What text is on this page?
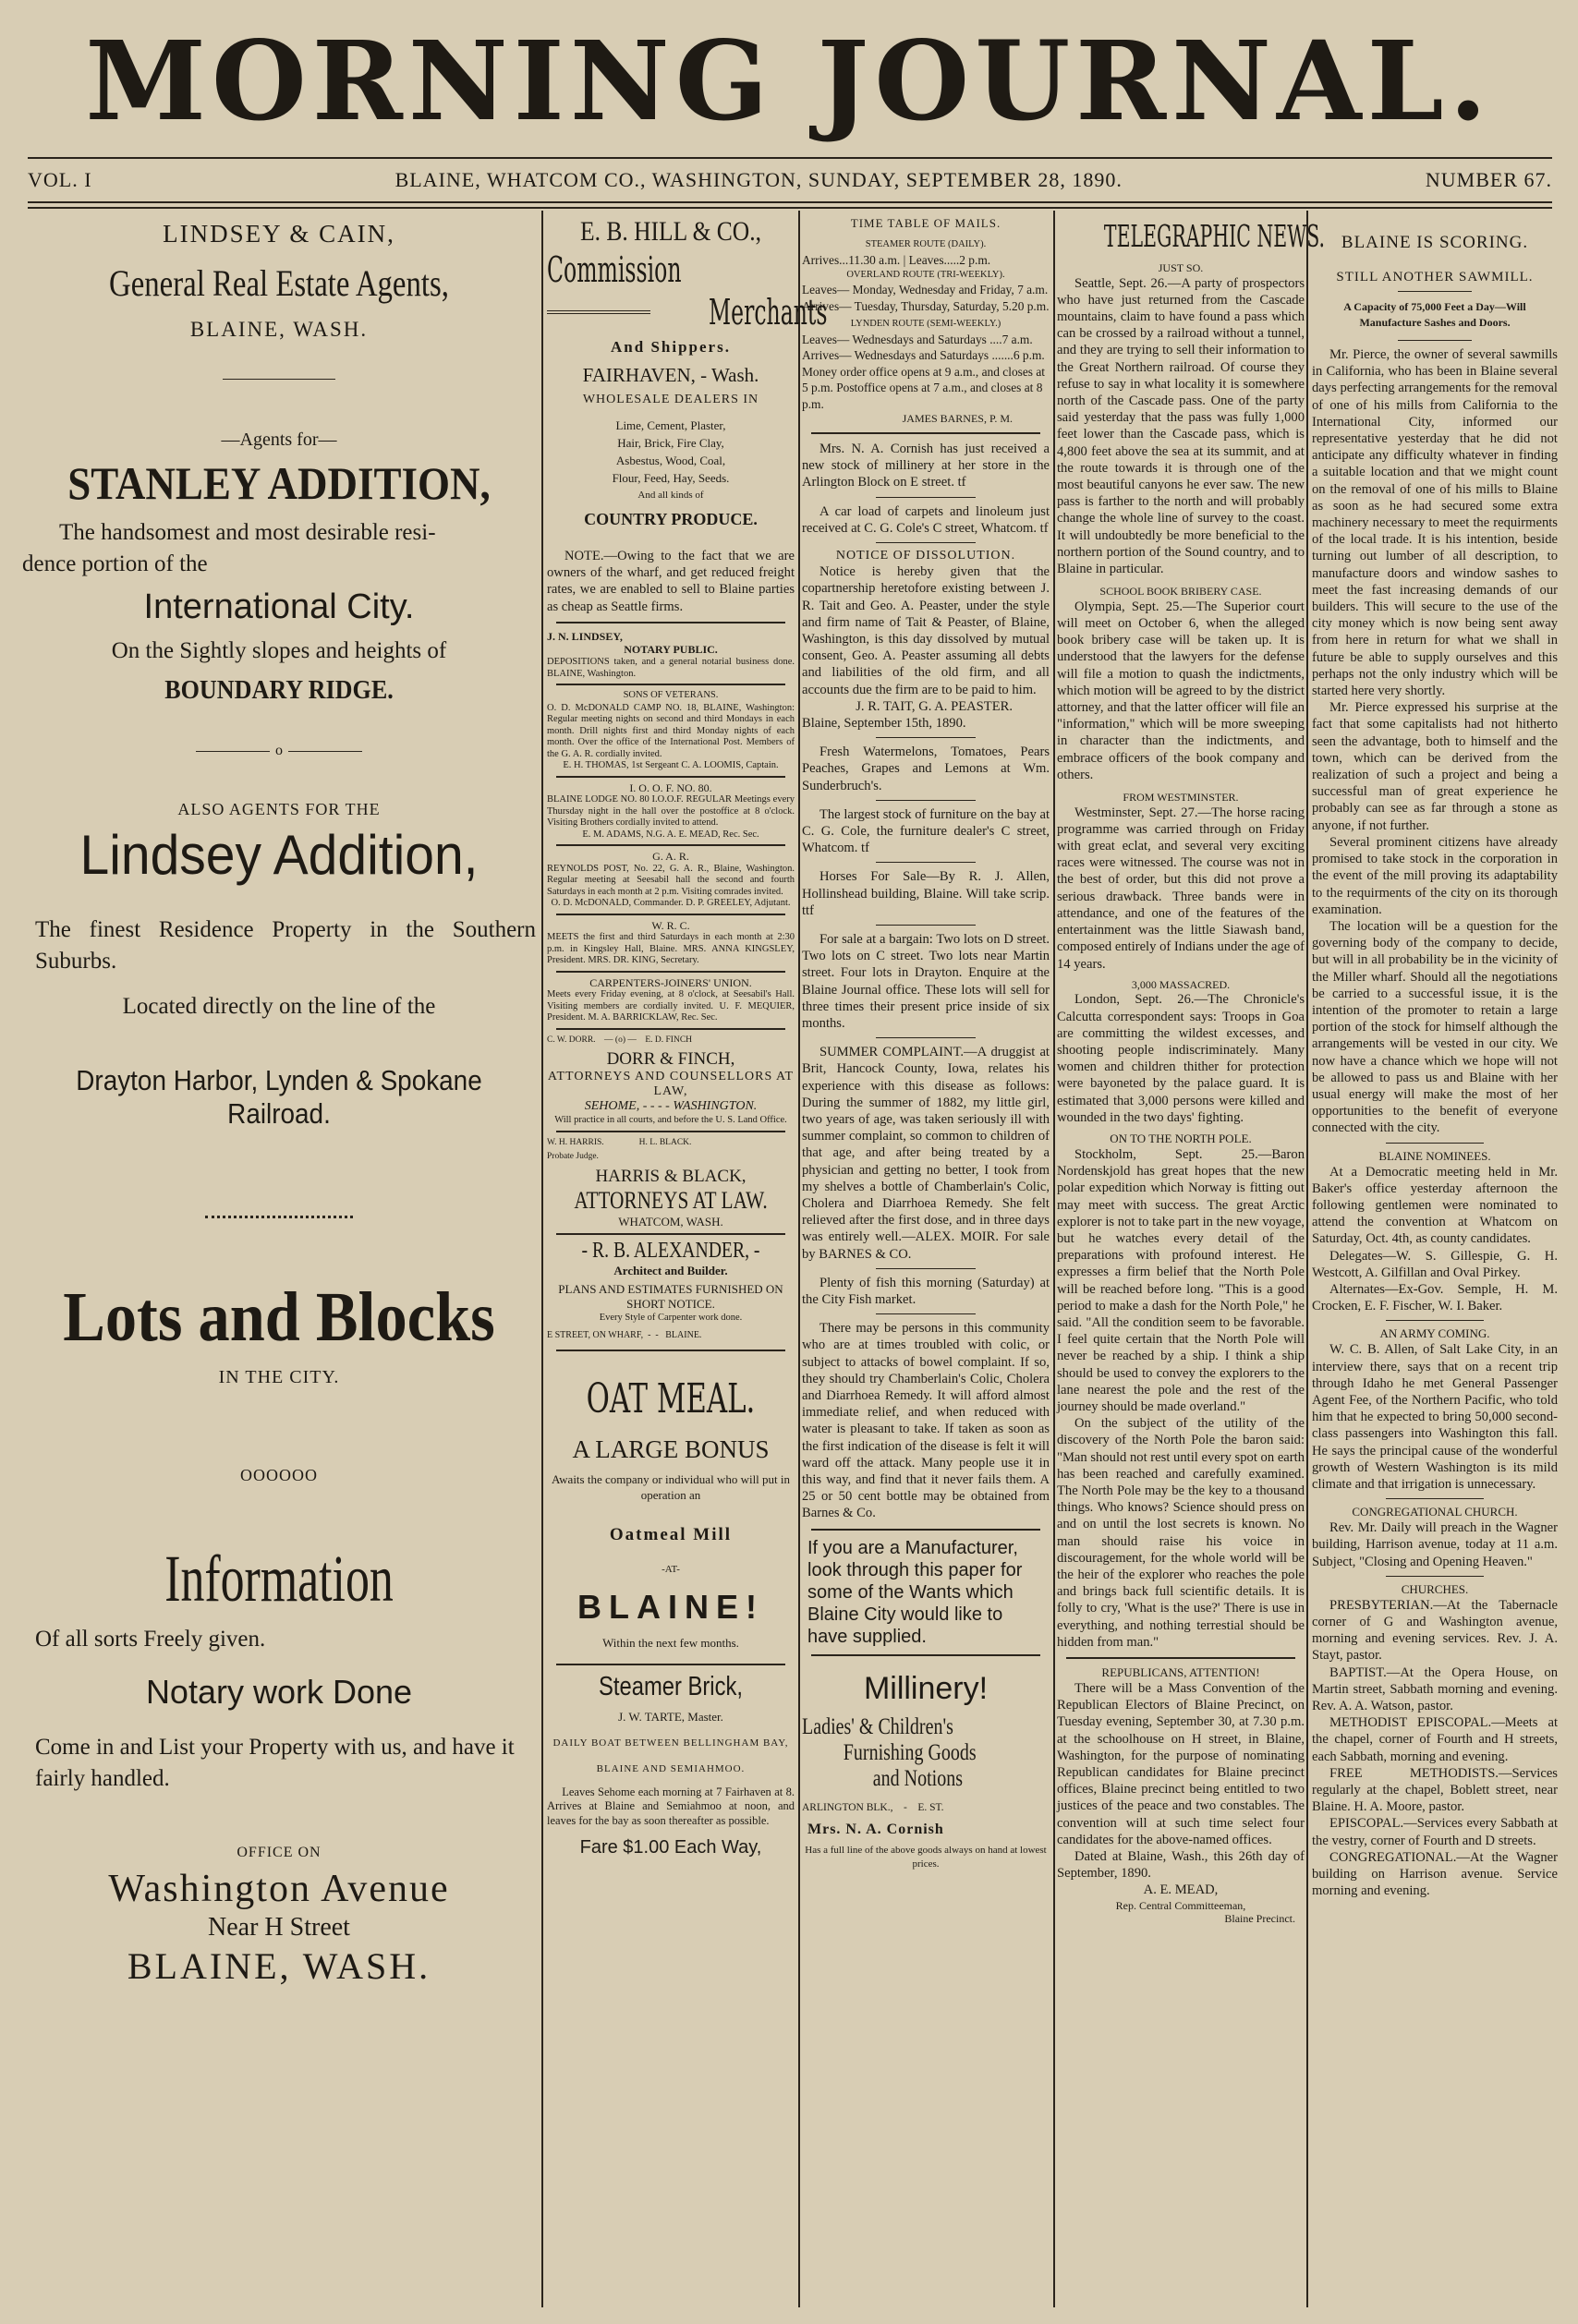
MORNING JOURNAL.
VOL. I	BLAINE, WHATCOM CO., WASHINGTON, SUNDAY, SEPTEMBER 28, 1890.	NUMBER 67.
LINDSEY & CAIN,
General Real Estate Agents,
BLAINE, WASH.
—Agents for—
STANLEY ADDITION,
The handsomest and most desirable resi-
dence portion of the
International City.
On the Sightly slopes and heights of
BOUNDARY RIDGE.
o
ALSO AGENTS FOR THE
Lindsey Addition,
The finest Residence Property in the Southern Suburbs.
Located directly on the line of the
Drayton Harbor, Lynden & Spokane
Railroad.
Lots and Blocks
IN THE CITY.
OOOOOO
Information
Of all sorts Freely given.
Notary work Done
Come in and List your Property with us, and have it fairly handled.
OFFICE ON
Washington Avenue
Near H Street
BLAINE, WASH.
E. B. HILL & CO.,
Commission
Merchants
And Shippers.
FAIRHAVEN, - Wash.
WHOLESALE DEALERS IN
Lime, Cement, Plaster,
Hair, Brick, Fire Clay,
Asbestus, Wood, Coal,
Flour, Feed, Hay, Seeds.
And all kinds of
COUNTRY PRODUCE.
NOTE.—Owing to the fact that we are owners of the wharf, and get reduced freight rates, we are enabled to sell to Blaine parties as cheap as Seattle firms.
J. N. LINDSEY,
NOTARY PUBLIC.
DEPOSITIONS taken, and a general notarial business done. BLAINE, Washington.
SONS OF VETERANS.
O. D. McDONALD CAMP NO. 18, BLAINE, Washington: Regular meeting nights on second and third Mondays in each month. Drill nights first and third Monday nights of each month. Over the office of the International Post. Members of the G. A. R. cordially invited.
E. H. THOMAS, 1st Sergeant C. A. LOOMIS, Captain.
I. O. O. F. NO. 80.
BLAINE LODGE NO. 80 I.O.O.F. REGULAR Meetings every Thursday night in the hall over the postoffice at 8 o'clock. Visiting Brothers cordially invited to attend.
E. M. ADAMS, N.G. A. E. MEAD, Rec. Sec.
G. A. R.
REYNOLDS POST, No. 22, G. A. R., Blaine, Washington. Regular meeting at Seesabil hall the second and fourth Saturdays in each month at 2 p.m. Visiting comrades invited.
O. D. McDONALD, Commander. D. P. GREELEY, Adjutant.
W. R. C.
MEETS the first and third Saturdays in each month at 2:30 p.m. in Kingsley Hall, Blaine. MRS. ANNA KINGSLEY, President. MRS. DR. KING, Secretary.
CARPENTERS-JOINERS' UNION.
Meets every Friday evening, at 8 o'clock, at Seesabil's Hall. Visiting members are cordially invited. U. F. MEQUIER, President. M. A. BARRICKLAW, Rec. Sec.
C. W. DORR.    — (o) —    E. D. FINCH
DORR & FINCH,
ATTORNEYS AND COUNSELLORS AT LAW,
SEHOME, - - - - WASHINGTON.
Will practice in all courts, and before the U. S. Land Office.
W. H. HARRIS.                H. L. BLACK.
Probate Judge.
HARRIS & BLACK,
ATTORNEYS AT LAW.
WHATCOM, WASH.
- R. B. ALEXANDER, -
Architect and Builder.
PLANS AND ESTIMATES FURNISHED ON SHORT NOTICE.
Every Style of Carpenter work done.
E STREET, ON WHARF,  -  -   BLAINE.
OAT MEAL.
A LARGE BONUS
Awaits the company or individual who will put in operation an
Oatmeal Mill
-AT-
BLAINE!
Within the next few months.
Steamer Brick,
J. W. TARTE, Master.
DAILY BOAT BETWEEN BELLINGHAM BAY, BLAINE AND SEMIAHMOO.
Leaves Sehome each morning at 7 Fairhaven at 8. Arrives at Blaine and Semiahmoo at noon, and leaves for the bay as soon thereafter as possible.
Fare $1.00 Each Way,
TIME TABLE OF MAILS.
STEAMER ROUTE (DAILY).
Arrives...11.30 a.m. | Leaves.....2 p.m.
OVERLAND ROUTE (TRI-WEEKLY).
Leaves— Monday, Wednesday and Friday, 7 a.m. Arrives— Tuesday, Thursday, Saturday, 5.20 p.m.
LYNDEN ROUTE (SEMI-WEEKLY.)
Leaves— Wednesdays and Saturdays ....7 a.m. Arrives— Wednesdays and Saturdays .......6 p.m. Money order office opens at 9 a.m., and closes at 5 p.m. Postoffice opens at 7 a.m., and closes at 8 p.m.
JAMES BARNES, P. M.
Mrs. N. A. Cornish has just received a new stock of millinery at her store in the Arlington Block on E street. tf
A car load of carpets and linoleum just received at C. G. Cole's C street, Whatcom. tf
NOTICE OF DISSOLUTION.
Notice is hereby given that the copartnership heretofore existing between J. R. Tait and Geo. A. Peaster, under the style and firm name of Tait & Peaster, of Blaine, Washington, is this day dissolved by mutual consent, Geo. A. Peaster assuming all debts and liabilities of the old firm, and all accounts due the firm are to be paid to him.
J. R. TAIT, G. A. PEASTER.
Blaine, September 15th, 1890.
Fresh Watermelons, Tomatoes, Pears Peaches, Grapes and Lemons at Wm. Sunderbruch's.
The largest stock of furniture on the bay at C. G. Cole, the furniture dealer's C street, Whatcom. tf
Horses For Sale—By R. J. Allen, Hollinshead building, Blaine. Will take scrip. ttf
For sale at a bargain: Two lots on D street. Two lots on C street. Two lots near Martin street. Four lots in Drayton. Enquire at the Blaine Journal office. These lots will sell for three times their present price inside of six months.
SUMMER COMPLAINT.—A druggist at Brit, Hancock County, Iowa, relates his experience with this disease as follows: During the summer of 1882, my little girl, two years of age, was taken seriously ill with summer complaint, so common to children of that age, and after being treated by a physician and getting no better, I took from my shelves a bottle of Chamberlain's Colic, Cholera and Diarrhoea Remedy. She felt relieved after the first dose, and in three days was entirely well.—ALEX. MOIR. For sale by BARNES & CO.
Plenty of fish this morning (Saturday) at the City Fish market.
There may be persons in this community who are at times troubled with colic, or subject to attacks of bowel complaint. If so, they should try Chamberlain's Colic, Cholera and Diarrhoea Remedy. It will afford almost immediate relief, and when reduced with water is pleasant to take. If taken as soon as the first indication of the disease is felt it will ward off the attack. Many people use it in this way, and find that it never fails them. A 25 or 50 cent bottle may be obtained from Barnes & Co.
If you are a Manufacturer, look through this paper for some of the Wants which Blaine City would like to have supplied.
Millinery!
Ladies' & Children's
Furnishing Goods
and Notions
ARLINGTON BLK.,    -    E. ST.
Mrs. N. A. Cornish
Has a full line of the above goods always on hand at lowest prices.
TELEGRAPHIC NEWS.
JUST SO.
Seattle, Sept. 26.—A party of prospectors who have just returned from the Cascade mountains, claim to have found a pass which can be crossed by a railroad without a tunnel, and they are trying to sell their information to the Great Northern railroad. Of course they refuse to say in what locality it is somewhere north of the Cascade pass. One of the party said yesterday that the pass was fully 1,000 feet lower than the Cascade pass, which is 4,800 feet above the sea at its summit, and at the route towards it is through one of the most beautiful canyons he ever saw. The new pass is farther to the north and will probably change the whole line of survey to the coast. It will undoubtedly be more beneficial to the northern portion of the Sound country, and to Blaine in particular.
SCHOOL BOOK BRIBERY CASE.
Olympia, Sept. 25.—The Superior court will meet on October 6, when the alleged book bribery case will be taken up. It is understood that the lawyers for the defense will file a motion to quash the indictments, which motion will be agreed to by the district attorney, and that the latter officer will file an "information," which will be more sweeping in character than the indictments, and embrace officers of the book company and others.
FROM WESTMINSTER.
Westminster, Sept. 27.—The horse racing programme was carried through on Friday with great eclat, and several very exciting races were witnessed. The course was not in the best of order, but this did not prove a serious drawback. Three bands were in attendance, and one of the features of the entertainment was the little Siawash band, composed entirely of Indians under the age of 14 years.
3,000 MASSACRED.
London, Sept. 26.—The Chronicle's Calcutta correspondent says: Troops in Goa are committing the wildest excesses, and shooting people indiscriminately. Many women and children thither for protection were bayoneted by the palace guard. It is estimated that 3,000 persons were killed and wounded in the two days' fighting.
ON TO THE NORTH POLE.
Stockholm, Sept. 25.—Baron Nordenskjold has great hopes that the new polar expedition which Norway is fitting out may meet with success. The great Arctic explorer is not to take part in the new voyage, but he watches every detail of the preparations with profound interest. He expresses a firm belief that the North Pole will be reached before long. "This is a good period to make a dash for the North Pole," he said. "All the condition seem to be favorable. I feel quite certain that the North Pole will never be reached by a ship. I think a ship should be used to convey the explorers to the lane nearest the pole and the rest of the journey should be made overland."
On the subject of the utility of the discovery of the North Pole the baron said: "Man should not rest until every spot on earth has been reached and carefully examined. The North Pole may be the key to a thousand things. Who knows? Science should press on and on until the lost secrets is known. No man should raise his voice in discouragement, for the whole world will be the heir of the explorer who reaches the pole and brings back full scientific details. It is folly to cry, 'What is the use?' There is use in everything, and nothing terrestial should be hidden from man."
REPUBLICANS, ATTENTION!
There will be a Mass Convention of the Republican Electors of Blaine Precinct, on Tuesday evening, September 30, at 7.30 p.m. at the schoolhouse on H street, in Blaine, Washington, for the purpose of nominating Republican candidates for Blaine precinct offices, Blaine precinct being entitled to two justices of the peace and two constables. The convention will at such time select four candidates for the above-named offices.
Dated at Blaine, Wash., this 26th day of September, 1890.
A. E. MEAD,
Rep. Central Committeeman,
Blaine Precinct.
BLAINE IS SCORING.
STILL ANOTHER SAWMILL.
A Capacity of 75,000 Feet a Day—Will Manufacture Sashes and Doors.
Mr. Pierce, the owner of several sawmills in California, who has been in Blaine several days perfecting arrangements for the removal of one of his mills from California to the International City, informed our representative yesterday that he did not anticipate any difficulty whatever in finding a suitable location and that we might count on the removal of one of his mills to Blaine as soon as he had secured some extra machinery necessary to meet the requirments of the local trade. It is his intention, beside turning out lumber of all description, to manufacture doors and window sashes to meet the fast increasing demands of our builders. This will secure to the use of the city money which is now being sent away from here in return for what we shall in future be able to supply ourselves and this perhaps not the only industry which will be started here very shortly.
Mr. Pierce expressed his surprise at the fact that some capitalists had not hitherto seen the advantage, both to himself and the town, which can be derived from the realization of such a project and being a successful man of great experience he probably can see as far through a stone as anyone, if not further.
Several prominent citizens have already promised to take stock in the corporation in the event of the mill proving its adaptability to the requirments of the city on its thorough examination.
The location will be a question for the governing body of the company to decide, but will in all probability be in the vicinity of the Miller wharf. Should all the negotiations be carried to a successful issue, it is the intention of the promoter to retain a large portion of the stock for himself although the arrangements will be vested in our city. We now have a chance which we hope will not be allowed to pass us and Blaine with her usual energy will make the most of her opportunities to the benefit of everyone connected with the city.
BLAINE NOMINEES.
At a Democratic meeting held in Mr. Baker's office yesterday afternoon the following gentlemen were nominated to attend the convention at Whatcom on Saturday, Oct. 4th, as county candidates.
Delegates—W. S. Gillespie, G. H. Westcott, A. Gilfillan and Oval Pirkey.
Alternates—Ex-Gov. Semple, H. M. Crocken, E. F. Fischer, W. I. Baker.
AN ARMY COMING.
W. C. B. Allen, of Salt Lake City, in an interview there, says that on a recent trip through Idaho he met General Passenger Agent Fee, of the Northern Pacific, who told him that he expected to bring 50,000 second-class passengers into Washington this fall. He says the principal cause of the wonderful growth of Western Washington is its mild climate and that irrigation is unnecessary.
CONGREGATIONAL CHURCH.
Rev. Mr. Daily will preach in the Wagner building, Harrison avenue, today at 11 a.m. Subject, "Closing and Opening Heaven."
CHURCHES.
PRESBYTERIAN.—At the Tabernacle corner of G and Washington avenue, morning and evening services. Rev. J. A. Stayt, pastor.
BAPTIST.—At the Opera House, on Martin street, Sabbath morning and evening. Rev. A. A. Watson, pastor.
METHODIST EPISCOPAL.—Meets at the chapel, corner of Fourth and H streets, each Sabbath, morning and evening.
FREE METHODISTS.—Services regularly at the chapel, Boblett street, near Blaine. H. A. Moore, pastor.
EPISCOPAL.—Services every Sabbath at the vestry, corner of Fourth and D streets.
CONGREGATIONAL.—At the Wagner building on Harrison avenue. Service morning and evening.
